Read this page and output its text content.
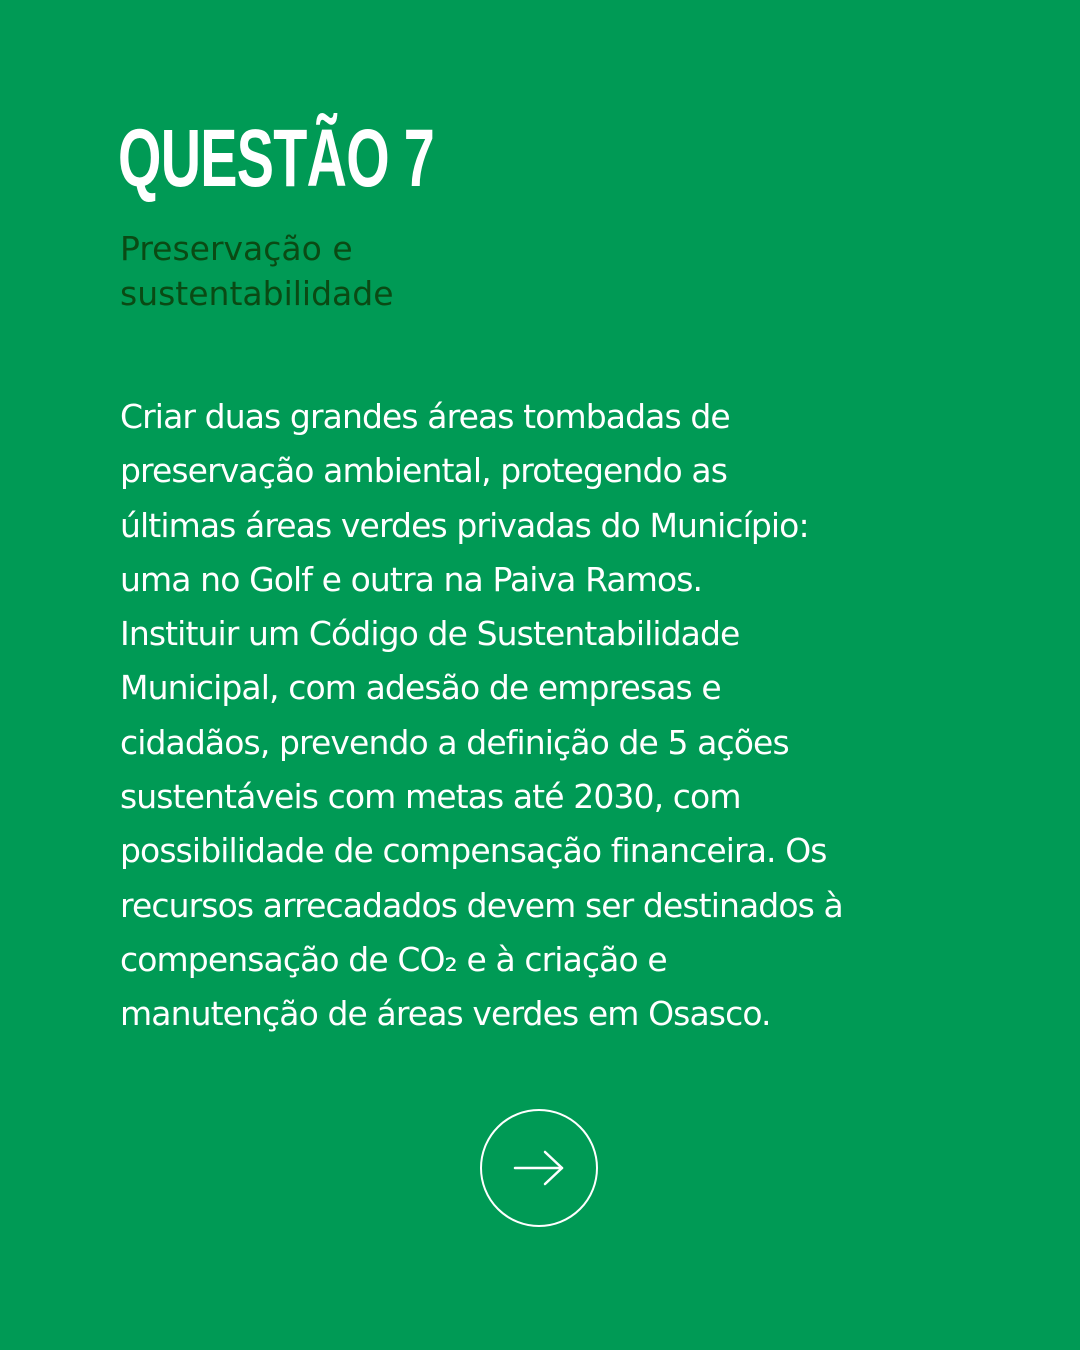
QUESTÃO 7
Preservação e
sustentabilidade
Criar duas grandes áreas tombadas de
preservação ambiental, protegendo as
últimas áreas verdes privadas do Município:
uma no Golf e outra na Paiva Ramos.
Instituir um Código de Sustentabilidade
Municipal, com adesão de empresas e
cidadãos, prevendo a definição de 5 ações
sustentáveis com metas até 2030, com
possibilidade de compensação financeira. Os
recursos arrecadados devem ser destinados à
compensação de CO₂ e à criação e
manutenção de áreas verdes em Osasco.
